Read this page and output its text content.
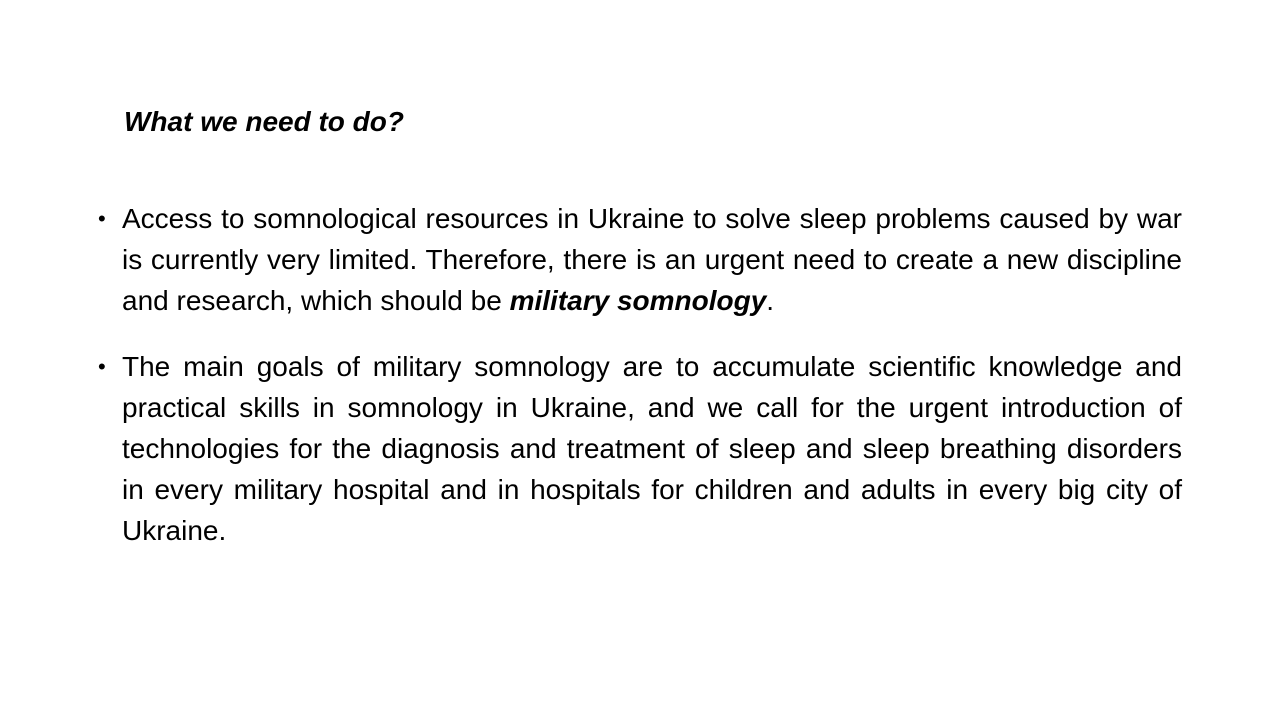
What we need to do?
• Access to somnological resources in Ukraine to solve sleep problems caused by war is currently very limited. Therefore, there is an urgent need to create a new discipline and research, which should be military somnology.
• The main goals of military somnology are to accumulate scientific knowledge and practical skills in somnology in Ukraine, and we call for the urgent introduction of technologies for the diagnosis and treatment of sleep and sleep breathing disorders in every military hospital and in hospitals for children and adults in every big city of Ukraine.
